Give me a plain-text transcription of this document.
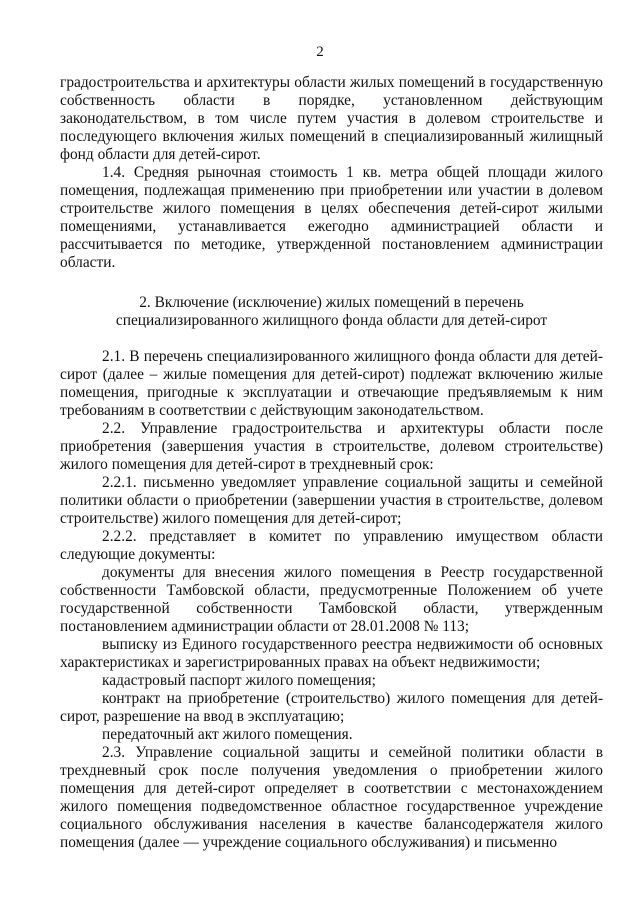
2

градостроительства и архитектуры области жилых помещений в государственную собственность области в порядке, установленном действующим законодательством, в том числе путем участия в долевом строительстве и последующего включения жилых помещений в специализированный жилищный фонд области для детей-сирот.

1.4. Средняя рыночная стоимость 1 кв. метра общей площади жилого помещения, подлежащая применению при приобретении или участии в долевом строительстве жилого помещения в целях обеспечения детей-сирот жилыми помещениями, устанавливается ежегодно администрацией области и рассчитывается по методике, утвержденной постановлением администрации области.

2. Включение (исключение) жилых помещений в перечень
специализированного жилищного фонда области для детей-сирот

2.1. В перечень специализированного жилищного фонда области для детей-сирот (далее – жилые помещения для детей-сирот) подлежат включению жилые помещения, пригодные к эксплуатации и отвечающие предъявляемым к ним требованиям в соответствии с действующим законодательством.

2.2. Управление градостроительства и архитектуры области после приобретения (завершения участия в строительстве, долевом строительстве) жилого помещения для детей-сирот в трехдневный срок:

2.2.1. письменно уведомляет управление социальной защиты и семейной политики области о приобретении (завершении участия в строительстве, долевом строительстве) жилого помещения для детей-сирот;

2.2.2. представляет в комитет по управлению имуществом области следующие документы:

документы для внесения жилого помещения в Реестр государственной собственности Тамбовской области, предусмотренные Положением об учете государственной собственности Тамбовской области, утвержденным постановлением администрации области от 28.01.2008 № 113;

выписку из Единого государственного реестра недвижимости об основных характеристиках и зарегистрированных правах на объект недвижимости;

кадастровый паспорт жилого помещения;

контракт на приобретение (строительство) жилого помещения для детей-сирот, разрешение на ввод в эксплуатацию;

передаточный акт жилого помещения.

2.3. Управление социальной защиты и семейной политики области в трехдневный срок после получения уведомления о приобретении жилого помещения для детей-сирот определяет в соответствии с местонахождением жилого помещения подведомственное областное государственное учреждение социального обслуживания населения в качестве балансодержателя жилого помещения (далее –– учреждение социального обслуживания) и письменно
